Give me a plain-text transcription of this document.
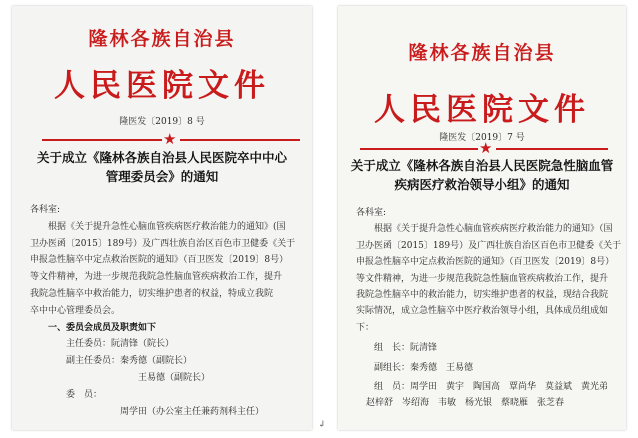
隆林各族自治县
人民医院文件
隆医发〔2019〕8 号
★
关于成立《隆林各族自治县人民医院卒中中心
管理委员会》的通知
各科室:
根据《关于提升急性心脑血管疾病医疗救治能力的通知》(国
卫办医函〔2015〕189号）及广西壮族自治区百色市卫健委《关于
申报急性脑卒中定点救治医院的通知》（百卫医发〔2019〕8号）
等文件精神，为进一步规范我院急性脑血管疾病救治工作，提升
我院急性脑卒中救治能力，切实维护患者的权益，特成立我院
卒中中心管理委员会。
一、委员会成员及职责如下
主任委员：阮清锋（院长）
副主任委员：秦秀德（副院长）
王易德（副院长）
委　员：
周学田（办公室主任兼药剂科主任）
隆林各族自治县
人民医院文件
隆医发〔2019〕7 号
★
关于成立《隆林各族自治县人民医院急性脑血管
疾病医疗救治领导小组》的通知
各科室:
根据《关于提升急性心脑血管疾病医疗救治能力的通知》（国
卫办医函〔2015〕189号）及广西壮族自治区百色市卫健委《关于
申报急性脑卒中定点救治医院的通知》（百卫医发〔2019〕8号）
等文件精神，为进一步规范我院急性脑血管疾病救治工作，提升
我院急性脑卒中的救治能力，切实维护患者的权益，现结合我院
实际情况，成立急性脑卒中医疗救治领导小组，具体成员组成如
下：
组　长：阮清锋
副组长：秦秀德　王易德
组　员：周学田　黄宇　陶国高　覃尚华　莫益斌　黄光弟
赵梓舒　岑绍海　韦敏　杨光银　蔡晓雁　张芝春
↲
